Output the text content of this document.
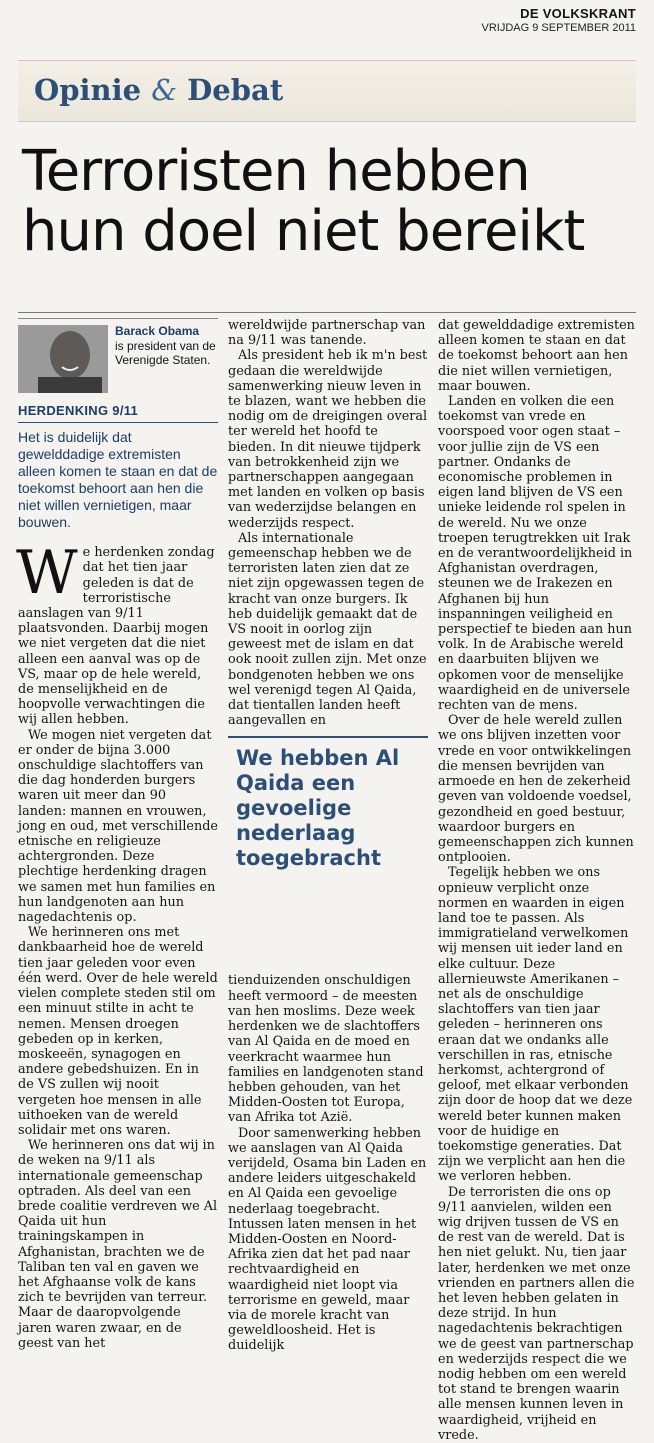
DE VOLKSKRANT
VRIJDAG 9 SEPTEMBER 2011
Opinie & Debat
Terroristen hebben hun doel niet bereikt
Barack Obama
is president van de Verenigde Staten.
HERDENKING 9/11
Het is duidelijk dat gewelddadige extremisten alleen komen te staan en dat de toekomst behoort aan hen die niet willen vernietigen, maar bouwen.

We herdenken zondag dat het tien jaar geleden is dat de terroristische aanslagen van 9/11 plaatsvonden. Daarbij mogen we niet vergeten dat die niet alleen een aanval was op de VS, maar op de hele wereld, de menselijkheid en de hoopvolle verwachtingen die wij allen hebben.

We mogen niet vergeten dat er onder de bijna 3.000 onschuldige slachtoffers van die dag honderden burgers waren uit meer dan 90 landen: mannen en vrouwen, jong en oud, met verschillende etnische en religieuze achtergronden. Deze plechtige herdenking dragen we samen met hun families en hun landgenoten aan hun nagedachtenis op.

We herinneren ons met dankbaarheid hoe de wereld tien jaar geleden voor even één werd. Over de hele wereld vielen complete steden stil om een minuut stilte in acht te nemen. Mensen droegen gebeden op in kerken, moskeeën, synagogen en andere gebedshuizen. En in de VS zullen wij nooit vergeten hoe mensen in alle uithoeken van de wereld solidair met ons waren.

We herinneren ons dat wij in de weken na 9/11 als internationale gemeenschap optraden. Als deel van een brede coalitie verdreven we Al Qaida uit hun trainingskampen in Afghanistan, brachten we de Taliban ten val en gaven we het Afghaanse volk de kans zich te bevrijden van terreur. Maar de daaropvolgende jaren waren zwaar, en de geest van het

wereldwijde partnerschap van na 9/11 was tanende.

Als president heb ik m'n best gedaan die wereldwijde samenwerking nieuw leven in te blazen, want we hebben die nodig om de dreigingen overal ter wereld het hoofd te bieden. In dit nieuwe tijdperk van betrokkenheid zijn we partnerschappen aangegaan met landen en volken op basis van wederzijdse belangen en wederzijds respect.

Als internationale gemeenschap hebben we de terroristen laten zien dat ze niet zijn opgewassen tegen de kracht van onze burgers. Ik heb duidelijk gemaakt dat de VS nooit in oorlog zijn geweest met de islam en dat ook nooit zullen zijn. Met onze bondgenoten hebben we ons wel verenigd tegen Al Qaida, dat tientallen landen heeft aangevallen en

We hebben Al Qaida een gevoelige nederlaag toegebracht

tienduizenden onschuldigen heeft vermoord – de meesten van hen moslims. Deze week herdenken we de slachtoffers van Al Qaida en de moed en veerkracht waarmee hun families en landgenoten stand hebben gehouden, van het Midden-Oosten tot Europa, van Afrika tot Azië.

Door samenwerking hebben we aanslagen van Al Qaida verijdeld, Osama bin Laden en andere leiders uitgeschakeld en Al Qaida een gevoelige nederlaag toegebracht. Intussen laten mensen in het Midden-Oosten en Noord-Afrika zien dat het pad naar rechtvaardigheid en waardigheid niet loopt via terrorisme en geweld, maar via de morele kracht van geweldloosheid. Het is duidelijk

dat gewelddadige extremisten alleen komen te staan en dat de toekomst behoort aan hen die niet willen vernietigen, maar bouwen.

Landen en volken die een toekomst van vrede en voorspoed voor ogen staat – voor jullie zijn de VS een partner. Ondanks de economische problemen in eigen land blijven de VS een unieke leidende rol spelen in de wereld. Nu we onze troepen terugtrekken uit Irak en de verantwoordelijkheid in Afghanistan overdragen, steunen we de Irakezen en Afghanen bij hun inspanningen veiligheid en perspectief te bieden aan hun volk. In de Arabische wereld en daarbuiten blijven we opkomen voor de menselijke waardigheid en de universele rechten van de mens.

Over de hele wereld zullen we ons blijven inzetten voor vrede en voor ontwikkelingen die mensen bevrijden van armoede en hen de zekerheid geven van voldoende voedsel, gezondheid en goed bestuur, waardoor burgers en gemeenschappen zich kunnen ontplooien.

Tegelijk hebben we ons opnieuw verplicht onze normen en waarden in eigen land toe te passen. Als immigratieland verwelkomen wij mensen uit ieder land en elke cultuur. Deze allernieuwste Amerikanen – net als de onschuldige slachtoffers van tien jaar geleden – herinneren ons eraan dat we ondanks alle verschillen in ras, etnische herkomst, achtergrond of geloof, met elkaar verbonden zijn door de hoop dat we deze wereld beter kunnen maken voor de huidige en toekomstige generaties. Dat zijn we verplicht aan hen die we verloren hebben.

De terroristen die ons op 9/11 aanvielen, wilden een wig drijven tussen de VS en de rest van de wereld. Dat is hen niet gelukt. Nu, tien jaar later, herdenken we met onze vrienden en partners allen die het leven hebben gelaten in deze strijd. In hun nagedachtenis bekrachtigen we de geest van partnerschap en wederzijds respect die we nodig hebben om een wereld tot stand te brengen waarin alle mensen kunnen leven in waardigheid, vrijheid en vrede.
